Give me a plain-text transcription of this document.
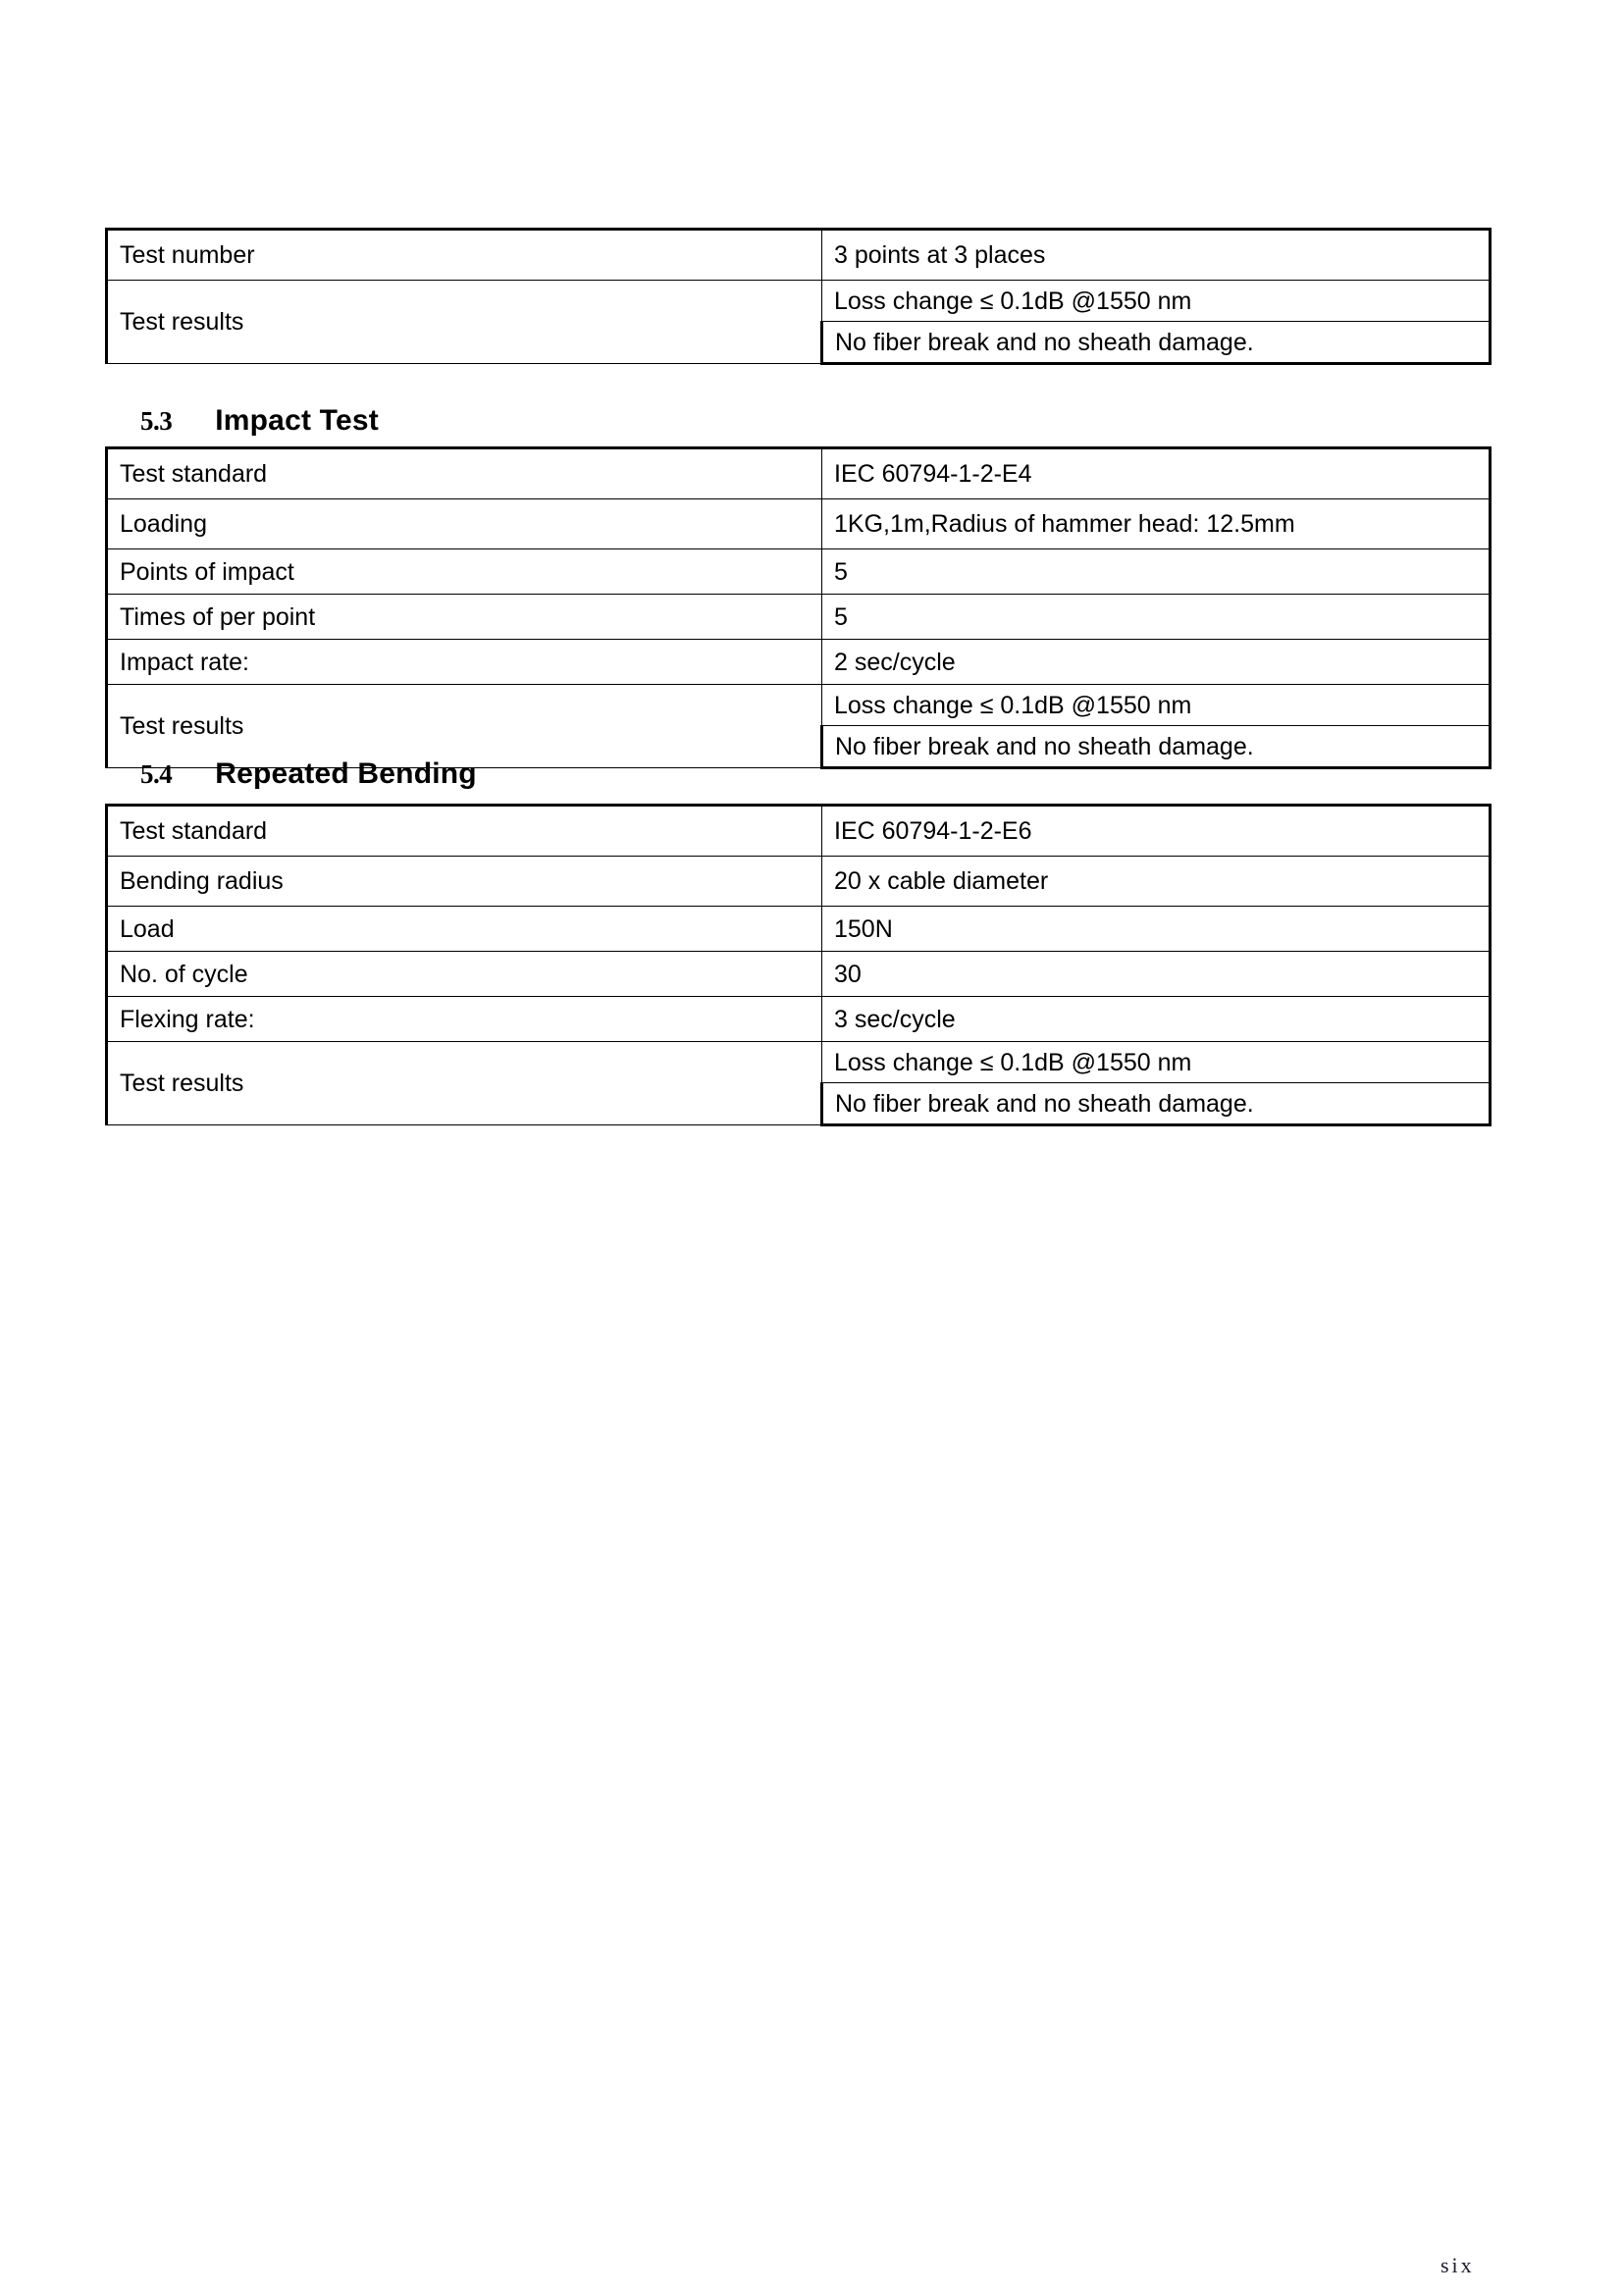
Test number	3 points at 3 places
Test results	Loss change ≤ 0.1dB @1550 nm
	No fiber break and no sheath damage.
5.3 Impact Test
Test standard	IEC 60794-1-2-E4
Loading	1KG,1m,Radius of hammer head: 12.5mm
Points of impact	5
Times of per point	5
Impact rate:	2 sec/cycle
Test results	Loss change ≤ 0.1dB @1550 nm
	No fiber break and no sheath damage.
5.4 Repeated Bending
Test standard	IEC 60794-1-2-E6
Bending radius	20 x cable diameter
Load	150N
No. of cycle	30
Flexing rate:	3 sec/cycle
Test results	Loss change ≤ 0.1dB @1550 nm
	No fiber break and no sheath damage.
six
